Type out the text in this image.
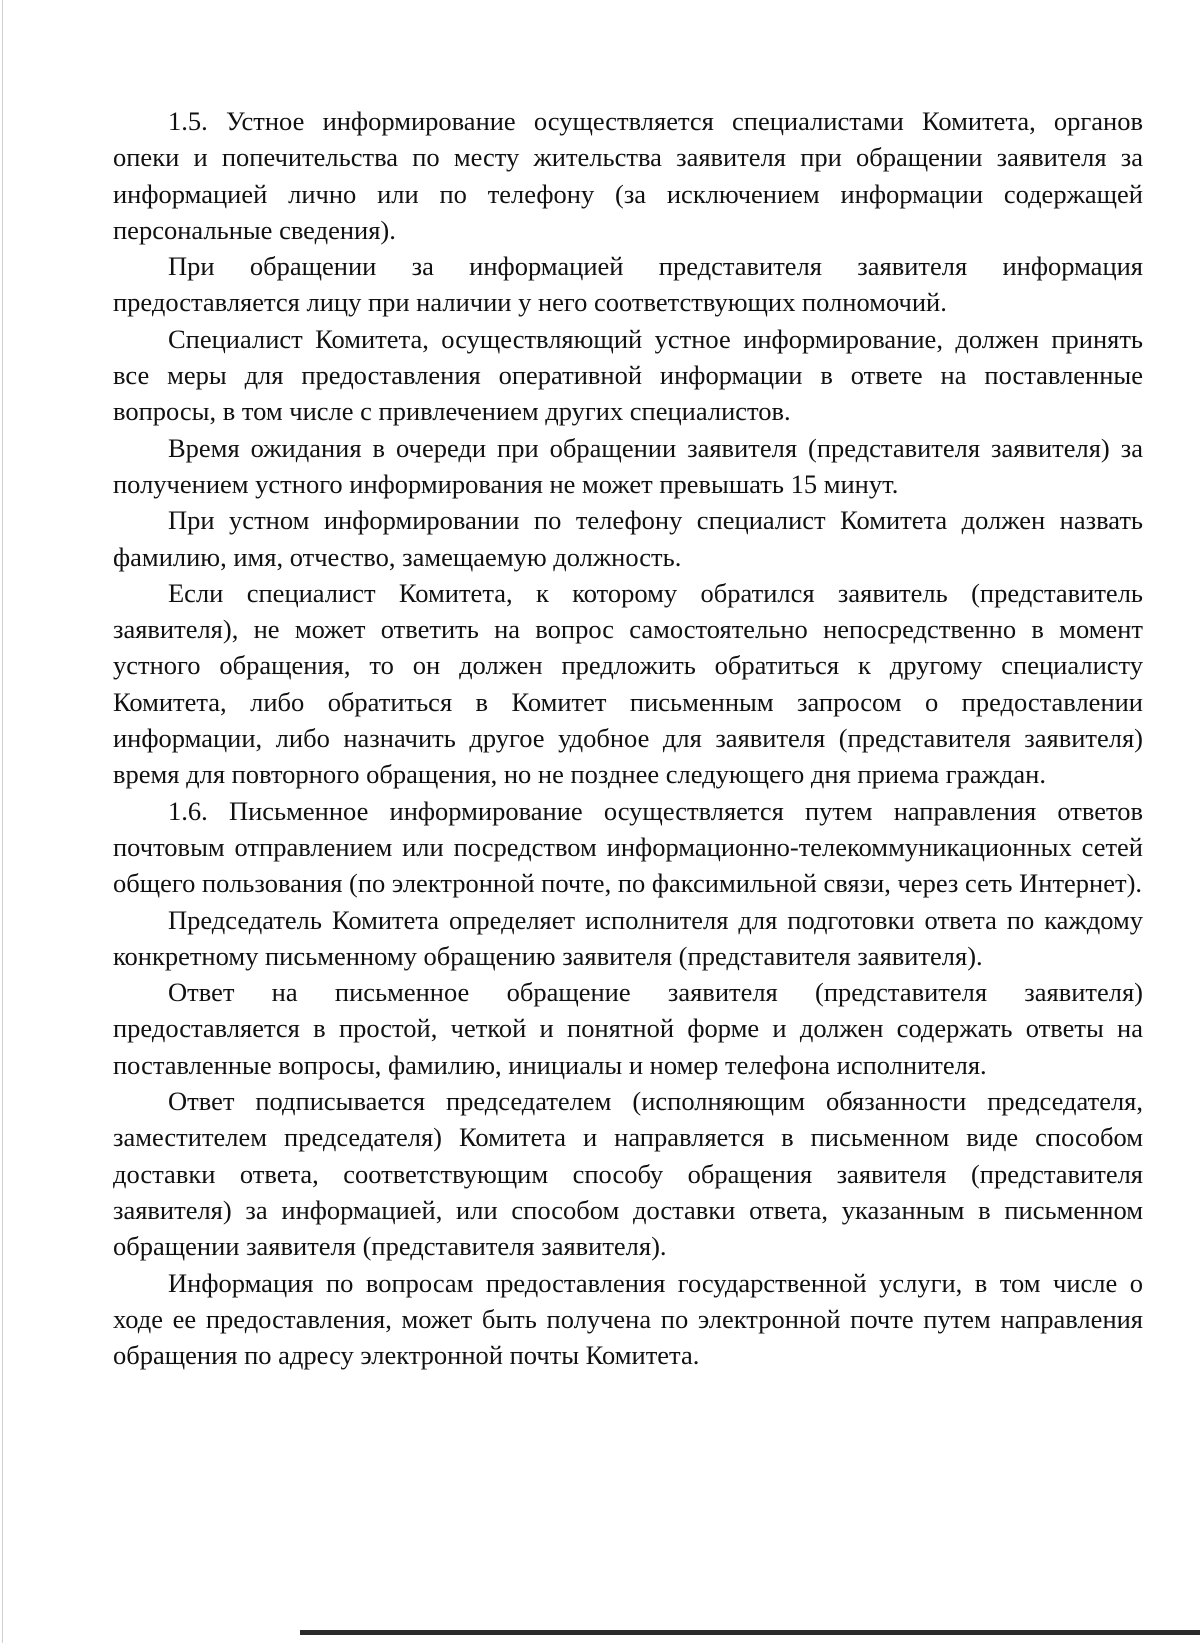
1.5. Устное информирование осуществляется специалистами Комитета, органов опеки и попечительства по месту жительства заявителя при обращении заявителя за информацией лично или по телефону (за исключением информации содержащей персональные сведения).

При обращении за информацией представителя заявителя информация предоставляется лицу при наличии у него соответствующих полномочий.

Специалист Комитета, осуществляющий устное информирование, должен принять все меры для предоставления оперативной информации в ответе на поставленные вопросы, в том числе с привлечением других специалистов.

Время ожидания в очереди при обращении заявителя (представителя заявителя) за получением устного информирования не может превышать 15 минут.

При устном информировании по телефону специалист Комитета должен назвать фамилию, имя, отчество, замещаемую должность.

Если специалист Комитета, к которому обратился заявитель (представитель заявителя), не может ответить на вопрос самостоятельно непосредственно в момент устного обращения, то он должен предложить обратиться к другому специалисту Комитета, либо обратиться в Комитет письменным запросом о предоставлении информации, либо назначить другое удобное для заявителя (представителя заявителя) время для повторного обращения, но не позднее следующего дня приема граждан.

1.6. Письменное информирование осуществляется путем направления ответов почтовым отправлением или посредством информационно-телекоммуникационных сетей общего пользования (по электронной почте, по факсимильной связи, через сеть Интернет).

Председатель Комитета определяет исполнителя для подготовки ответа по каждому конкретному письменному обращению заявителя (представителя заявителя).

Ответ на письменное обращение заявителя (представителя заявителя) предоставляется в простой, четкой и понятной форме и должен содержать ответы на поставленные вопросы, фамилию, инициалы и номер телефона исполнителя.

Ответ подписывается председателем (исполняющим обязанности председателя, заместителем председателя) Комитета и направляется в письменном виде способом доставки ответа, соответствующим способу обращения заявителя (представителя заявителя) за информацией, или способом доставки ответа, указанным в письменном обращении заявителя (представителя заявителя).

Информация по вопросам предоставления государственной услуги, в том числе о ходе ее предоставления, может быть получена по электронной почте путем направления обращения по адресу электронной почты Комитета.
